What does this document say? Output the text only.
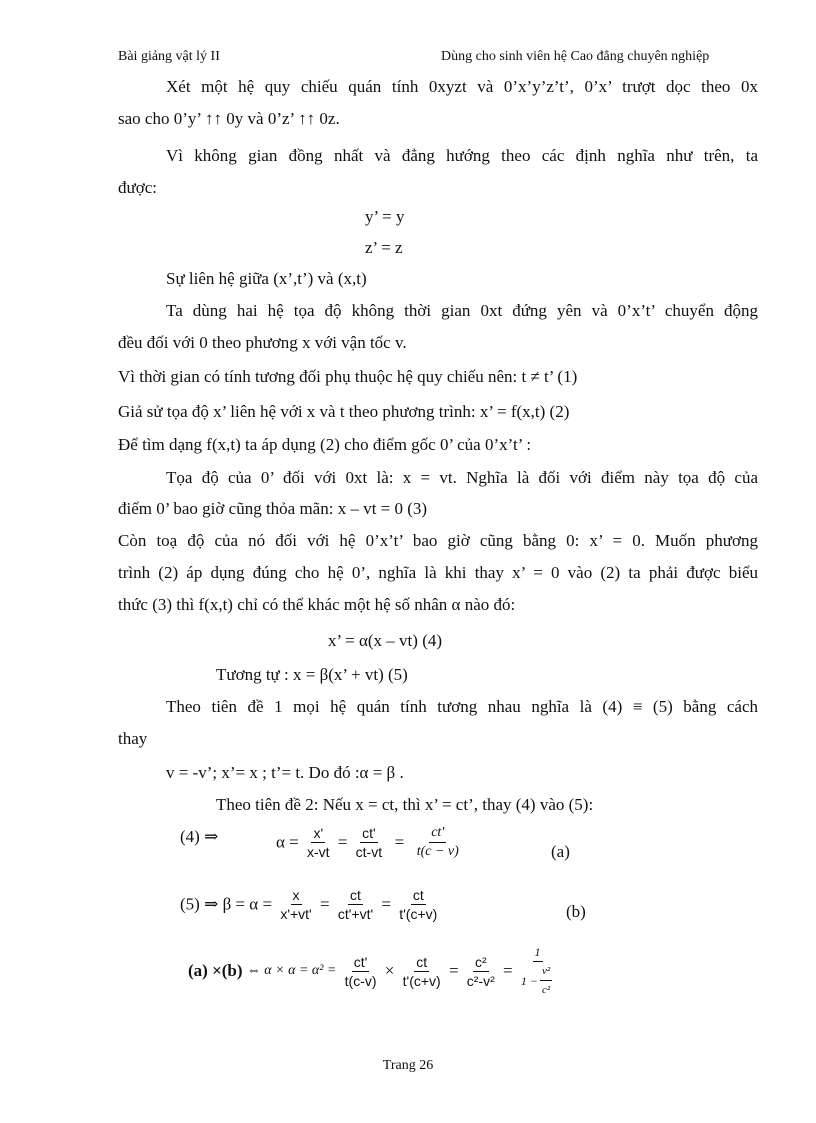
Bài giảng vật lý II	Dùng cho sinh viên hệ Cao đẳng chuyên nghiệp
Xét một hệ quy chiếu quán tính 0xyzt và 0’x’y’z’t’, 0’x’ trượt dọc theo 0x
sao cho 0’y’ ↑↑ 0y và 0’z’ ↑↑ 0z.
Vì không gian đồng nhất và đẳng hướng theo các định nghĩa như trên, ta
được:
y’ = y
z’ = z
Sự liên hệ giữa (x’,t’) và (x,t)
Ta dùng hai hệ tọa độ không thời gian 0xt đứng yên và 0’x’t’ chuyển động
đều đối với 0 theo phương x với vận tốc v.
Vì thời gian có tính tương đối phụ thuộc hệ quy chiếu nên: t ≠ t’ (1)
Giả sử tọa độ x’ liên hệ với x và t theo phương trình: x’ = f(x,t) (2)
Để tìm dạng f(x,t) ta áp dụng (2) cho điểm gốc 0’ của 0’x’t’ :
Tọa độ của 0’ đối với 0xt là: x = vt. Nghĩa là đối với điểm này tọa độ của
điểm 0’ bao giờ cũng thỏa mãn: x – vt = 0 (3)
Còn toạ độ của nó đối với hệ 0’x’t’ bao giờ cũng bằng 0: x’ = 0. Muốn phương
trình (2) áp dụng đúng cho hệ 0’, nghĩa là khi thay x’ = 0 vào (2) ta phải được biểu
thức (3) thì f(x,t) chỉ có thể khác một hệ số nhân α nào đó:
x’ = α(x – vt) (4)
Tương tự : x = β(x’ + vt) (5)
Theo tiên đề 1 mọi hệ quán tính tương nhau nghĩa là (4) ≡ (5) bằng cách
thay
v = -v’; x’= x ; t’= t. Do đó :α = β .
Theo tiên đề 2: Nếu x = ct, thì x’ = ct’, thay (4) vào (5):
(4) ⇒	$\alpha = \frac{x'}{x-vt} = \frac{ct'}{ct-vt} = \frac{ct'}{t(c - v)}$	(a)
(5) ⇒ $\beta = \alpha = \frac{x}{x'+vt'} = \frac{ct}{ct'+vt'} = \frac{ct}{t'(c+v)}$	(b)
(a) ×(b) ⇔ $\alpha \times \alpha = \alpha^2 = \frac{ct'}{t(c-v)} \times \frac{ct}{t'(c+v)} = \frac{\text{c²}}{\text{c²-v²}} = \frac{1}{1 - \frac{\text{v²}}{\text{c²}}}$
Trang 26
